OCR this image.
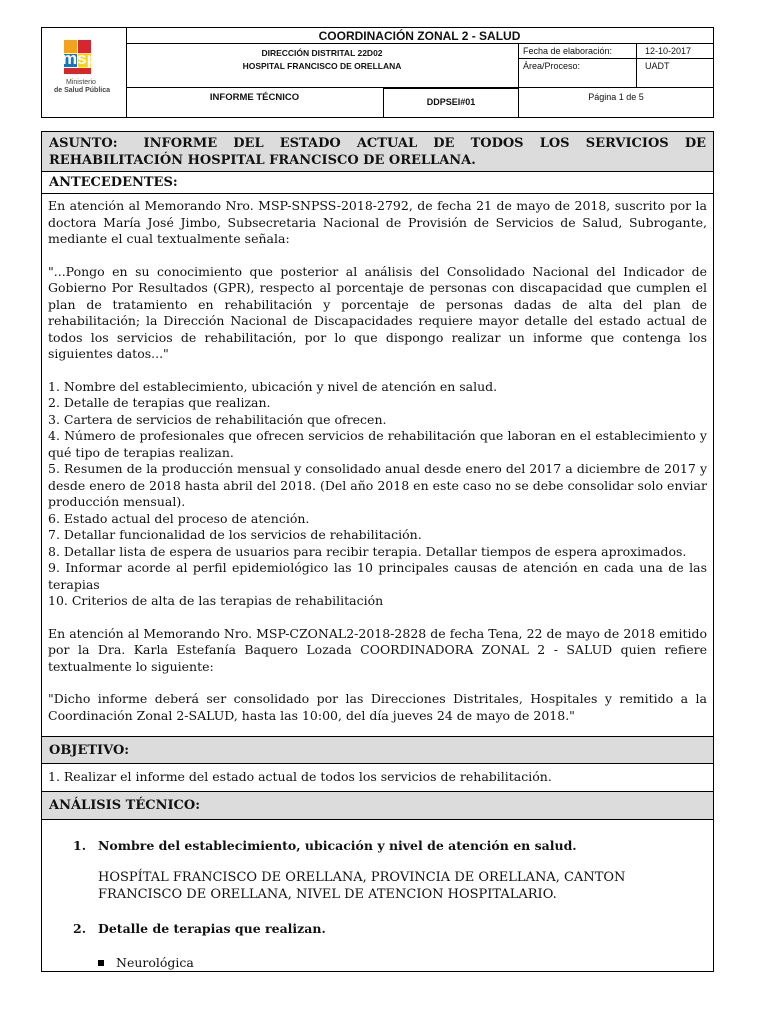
msp
Ministerio
de Salud Pública
COORDINACIÓN ZONAL 2 - SALUD
DIRECCIÓN DISTRITAL 22D02
HOSPITAL FRANCISCO DE ORELLANA
Fecha de elaboración:	12-10-2017
Área/Proceso:	UADT
INFORME TÉCNICO	DDPSEI#01	Página 1 de 5
ASUNTO: INFORME DEL ESTADO ACTUAL DE TODOS LOS SERVICIOS DE
REHABILITACIÓN HOSPITAL FRANCISCO DE ORELLANA.
ANTECEDENTES:

En atención al Memorando Nro. MSP-SNPSS-2018-2792, de fecha 21 de mayo de 2018, suscrito por la doctora María José Jimbo, Subsecretaria Nacional de Provisión de Servicios de Salud, Subrogante, mediante el cual textualmente señala:

"...Pongo en su conocimiento que posterior al análisis del Consolidado Nacional del Indicador de Gobierno Por Resultados (GPR), respecto al porcentaje de personas con discapacidad que cumplen el plan de tratamiento en rehabilitación y porcentaje de personas dadas de alta del plan de rehabilitación; la Dirección Nacional de Discapacidades requiere mayor detalle del estado actual de todos los servicios de rehabilitación, por lo que dispongo realizar un informe que contenga los siguientes datos..."

1. Nombre del establecimiento, ubicación y nivel de atención en salud.

2. Detalle de terapias que realizan.

3. Cartera de servicios de rehabilitación que ofrecen.

4. Número de profesionales que ofrecen servicios de rehabilitación que laboran en el establecimiento y qué tipo de terapias realizan.

5. Resumen de la producción mensual y consolidado anual desde enero del 2017 a diciembre de 2017 y desde enero de 2018 hasta abril del 2018. (Del año 2018 en este caso no se debe consolidar solo enviar producción mensual).

6. Estado actual del proceso de atención.

7. Detallar funcionalidad de los servicios de rehabilitación.

8. Detallar lista de espera de usuarios para recibir terapia. Detallar tiempos de espera aproximados.

9. Informar acorde al perfil epidemiológico las 10 principales causas de atención en cada una de las terapias

10. Criterios de alta de las terapias de rehabilitación

En atención al Memorando Nro. MSP-CZONAL2-2018-2828 de fecha Tena, 22 de mayo de 2018 emitido por la Dra. Karla Estefanía Baquero Lozada COORDINADORA ZONAL 2 - SALUD quien refiere textualmente lo siguiente:

"Dicho informe deberá ser consolidado por las Direcciones Distritales, Hospitales y remitido a la Coordinación Zonal 2-SALUD, hasta las 10:00, del día jueves 24 de mayo de 2018."

OBJETIVO:
1. Realizar el informe del estado actual de todos los servicios de rehabilitación.
ANÁLISIS TÉCNICO:
1. Nombre del establecimiento, ubicación y nivel de atención en salud.
HOSPÍTAL FRANCISCO DE ORELLANA, PROVINCIA DE ORELLANA, CANTON
FRANCISCO DE ORELLANA, NIVEL DE ATENCION HOSPITALARIO.
2. Detalle de terapias que realizan.
Neurológica
